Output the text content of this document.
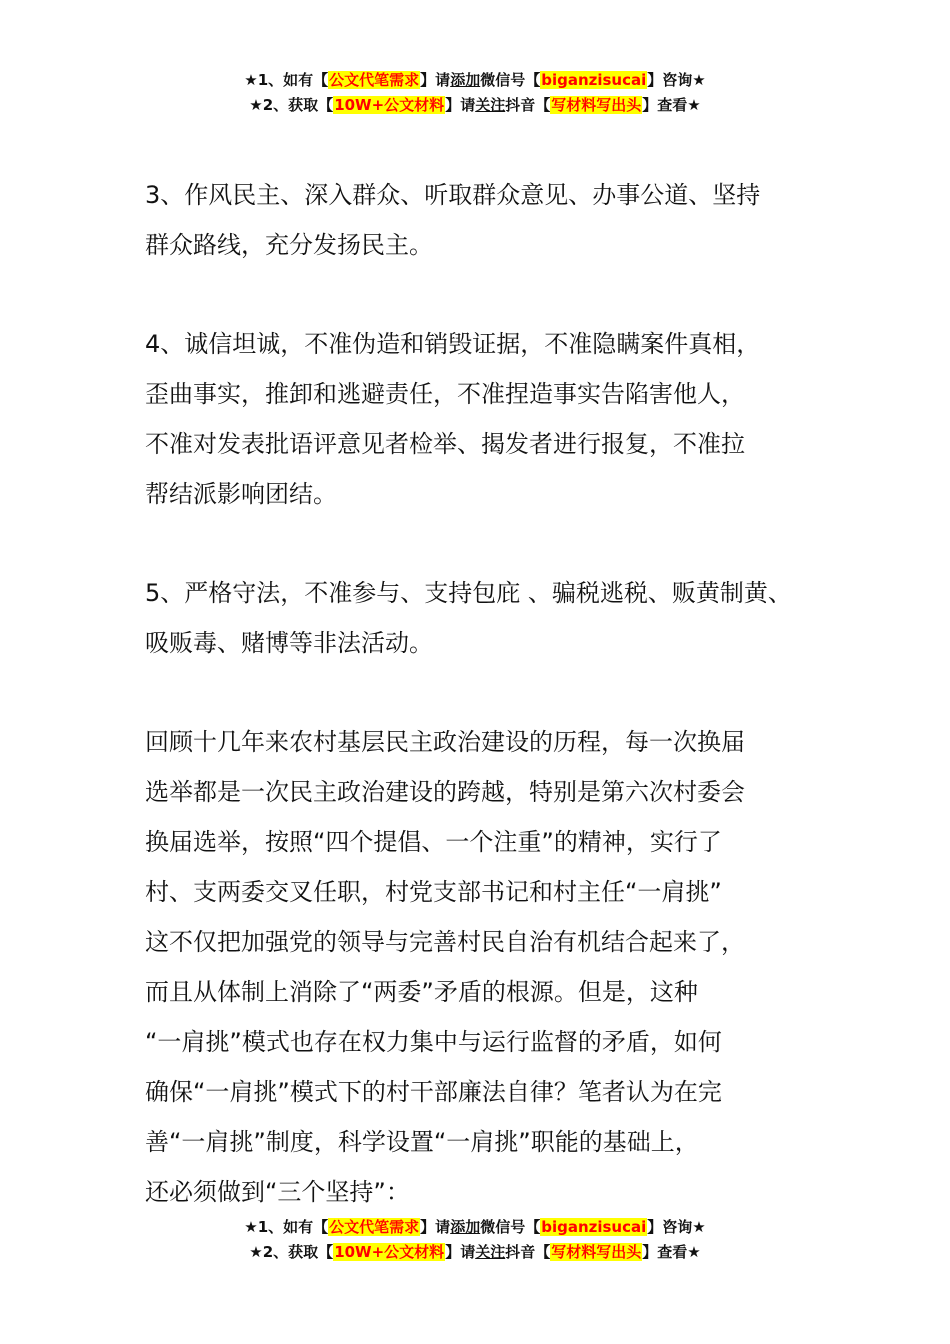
★1、如有【公文代笔需求】请添加微信号【biganzisucai】咨询★
★2、获取【10W+公文材料】请关注抖音【写材料写出头】查看★
3、作风民主、深入群众、听取群众意见、办事公道、坚持
群众路线，充分发扬民主。
4、诚信坦诚，不准伪造和销毁证据，不准隐瞒案件真相，
歪曲事实，推卸和逃避责任，不准捏造事实告陷害他人，
不准对发表批语评意见者检举、揭发者进行报复，不准拉
帮结派影响团结。
5、严格守法，不准参与、支持包庇 、骗税逃税、贩黄制黄、
吸贩毒、赌博等非法活动。
回顾十几年来农村基层民主政治建设的历程，每一次换届
选举都是一次民主政治建设的跨越，特别是第六次村委会
换届选举，按照“四个提倡、一个注重”的精神，实行了
村、支两委交叉任职，村党支部书记和村主任“一肩挑”
这不仅把加强党的领导与完善村民自治有机结合起来了，
而且从体制上消除了“两委”矛盾的根源。但是，这种
“一肩挑”模式也存在权力集中与运行监督的矛盾，如何
确保“一肩挑”模式下的村干部廉法自律？笔者认为在完
善“一肩挑”制度，科学设置“一肩挑”职能的基础上，
还必须做到“三个坚持”：
★1、如有【公文代笔需求】请添加微信号【biganzisucai】咨询★
★2、获取【10W+公文材料】请关注抖音【写材料写出头】查看★
